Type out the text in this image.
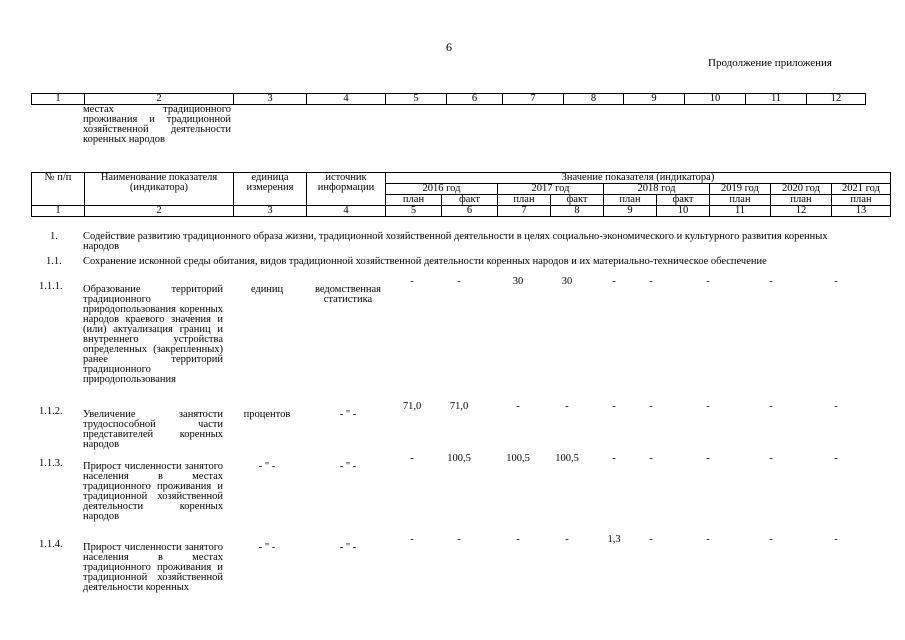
6
Продолжение приложения
1	2	3	4	5	6	7	8	9	10	11	12
местах традиционного проживания и традиционной хозяйственной деятельности коренных народов
№ п/п	Наименование показателя (индикатора)	единица измерения	источник информации	Значение показателя (индикатора)								
				2016 год		2017 год		2018 год		2019 год	2020 год	2021 год
				план	факт	план	факт	план	факт	план	план	план
1	2	3	4	5	6	7	8	9	10	11	12	13
1. Содействие развитию традиционного образа жизни, традиционной хозяйственной деятельности в целях социально-экономического и культурного развития коренных народов
1.1. Сохранение исконной среды обитания, видов традиционной хозяйственной деятельности коренных народов и их материально-техническое обеспечение
1.1.1. Образование территорий традиционного природопользования коренных народов краевого значения и (или) актуализация границ и внутреннего устройства определенных (закрепленных) ранее территорий традиционного природопользования
единиц	ведомственная статистика
-	-	30	30	-	-	-	-	-
1.1.2. Увеличение занятости трудоспособной части представителей коренных народов
процентов	- " -
71,0	71,0	-	-	-	-	-	-	-
1.1.3. Прирост численности занятого населения в местах традиционного проживания и традиционной хозяйственной деятельности коренных народов
- " -	- " -
-	100,5	100,5	100,5	-	-	-	-	-
1.1.4. Прирост численности занятого населения в местах традиционного проживания и традиционной хозяйственной деятельности коренных
- " -	- " -
-	-	-	-	1,3	-	-	-	-
